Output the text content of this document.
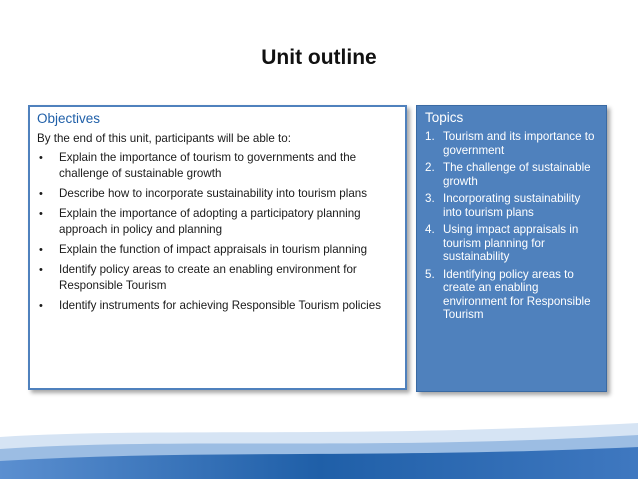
Unit outline
Objectives
By the end of this unit, participants will be able to:
• Explain the importance of tourism to governments and the challenge of sustainable growth
• Describe how to incorporate sustainability into tourism plans
• Explain the importance of adopting a participatory planning approach in policy and planning
• Explain the function of impact appraisals in tourism planning
• Identify policy areas to create an enabling environment for Responsible Tourism
• Identify instruments for achieving Responsible Tourism policies
Topics
1. Tourism and its importance to government
2. The challenge of sustainable growth
3. Incorporating sustainability into tourism plans
4. Using impact appraisals in tourism planning for sustainability
5. Identifying policy areas to create an enabling environment for Responsible Tourism
